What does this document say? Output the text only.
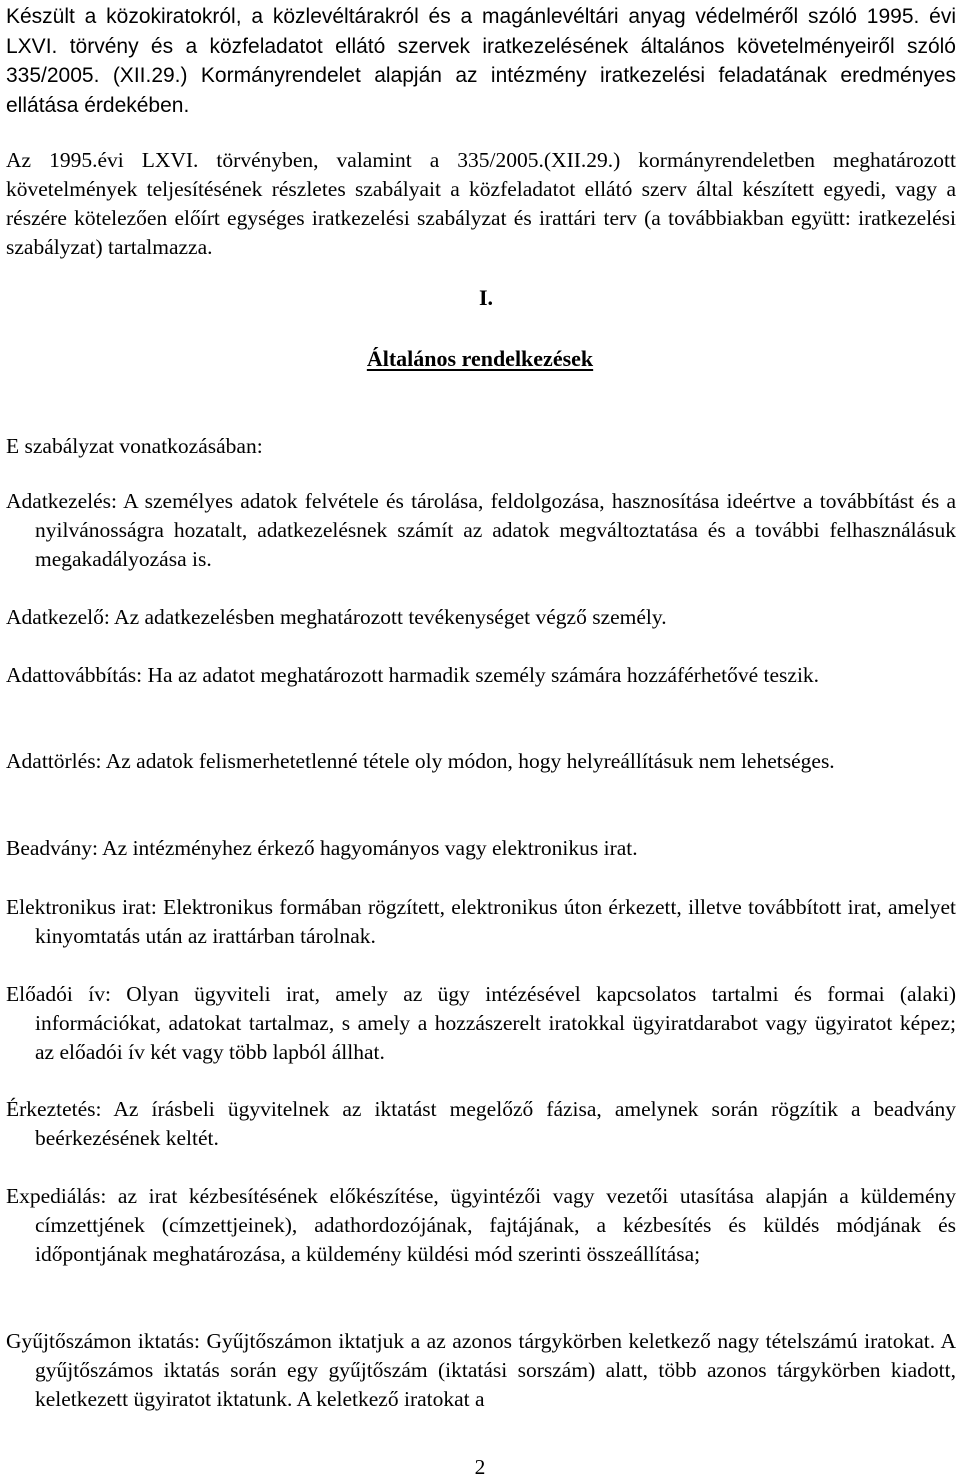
Készült a közokiratokról, a közlevéltárakról és a magánlevéltári anyag védelméről szóló 1995. évi LXVI. törvény és a közfeladatot ellátó szervek iratkezelésének általános követelményeiről szóló 335/2005. (XII.29.) Kormányrendelet alapján az intézmény iratkezelési feladatának eredményes ellátása érdekében.

Az 1995.évi LXVI. törvényben, valamint a 335/2005.(XII.29.) kormányrendeletben meghatározott követelmények teljesítésének részletes szabályait a közfeladatot ellátó szerv által készített egyedi, vagy a részére kötelezően előírt egységes iratkezelési szabályzat és irattári terv (a továbbiakban együtt: iratkezelési szabályzat) tartalmazza.

I.

Általános rendelkezések

E szabályzat vonatkozásában:

Adatkezelés: A személyes adatok felvétele és tárolása, feldolgozása, hasznosítása ideértve a továbbítást és a nyilvánosságra hozatalt, adatkezelésnek számít az adatok megváltoztatása és a további felhasználásuk megakadályozása is.

Adatkezelő: Az adatkezelésben meghatározott tevékenységet végző személy.

Adattovábbítás: Ha az adatot meghatározott harmadik személy számára hozzáférhetővé teszik.

Adattörlés: Az adatok felismerhetetlenné tétele oly módon, hogy helyreállításuk nem lehetséges.

Beadvány: Az intézményhez érkező hagyományos vagy elektronikus irat.

Elektronikus irat: Elektronikus formában rögzített, elektronikus úton érkezett, illetve továbbított irat, amelyet kinyomtatás után az irattárban tárolnak.

Előadói ív: Olyan ügyviteli irat, amely az ügy intézésével kapcsolatos tartalmi és formai (alaki) információkat, adatokat tartalmaz, s amely a hozzászerelt iratokkal ügyiratdarabot vagy ügyiratot képez; az előadói ív két vagy több lapból állhat.

Érkeztetés: Az írásbeli ügyvitelnek az iktatást megelőző fázisa, amelynek során rögzítik a beadvány beérkezésének keltét.

Expediálás: az irat kézbesítésének előkészítése, ügyintézői vagy vezetői utasítása alapján a küldemény címzettjének (címzettjeinek), adathordozójának, fajtájának, a kézbesítés és küldés módjának és időpontjának meghatározása, a küldemény küldési mód szerinti összeállítása;

Gyűjtőszámon iktatás: Gyűjtőszámon iktatjuk a az azonos tárgykörben keletkező nagy tételszámú iratokat. A gyűjtőszámos iktatás során egy gyűjtőszám (iktatási sorszám) alatt, több azonos tárgykörben kiadott, keletkezett ügyiratot iktatunk. A keletkező iratokat a

2
